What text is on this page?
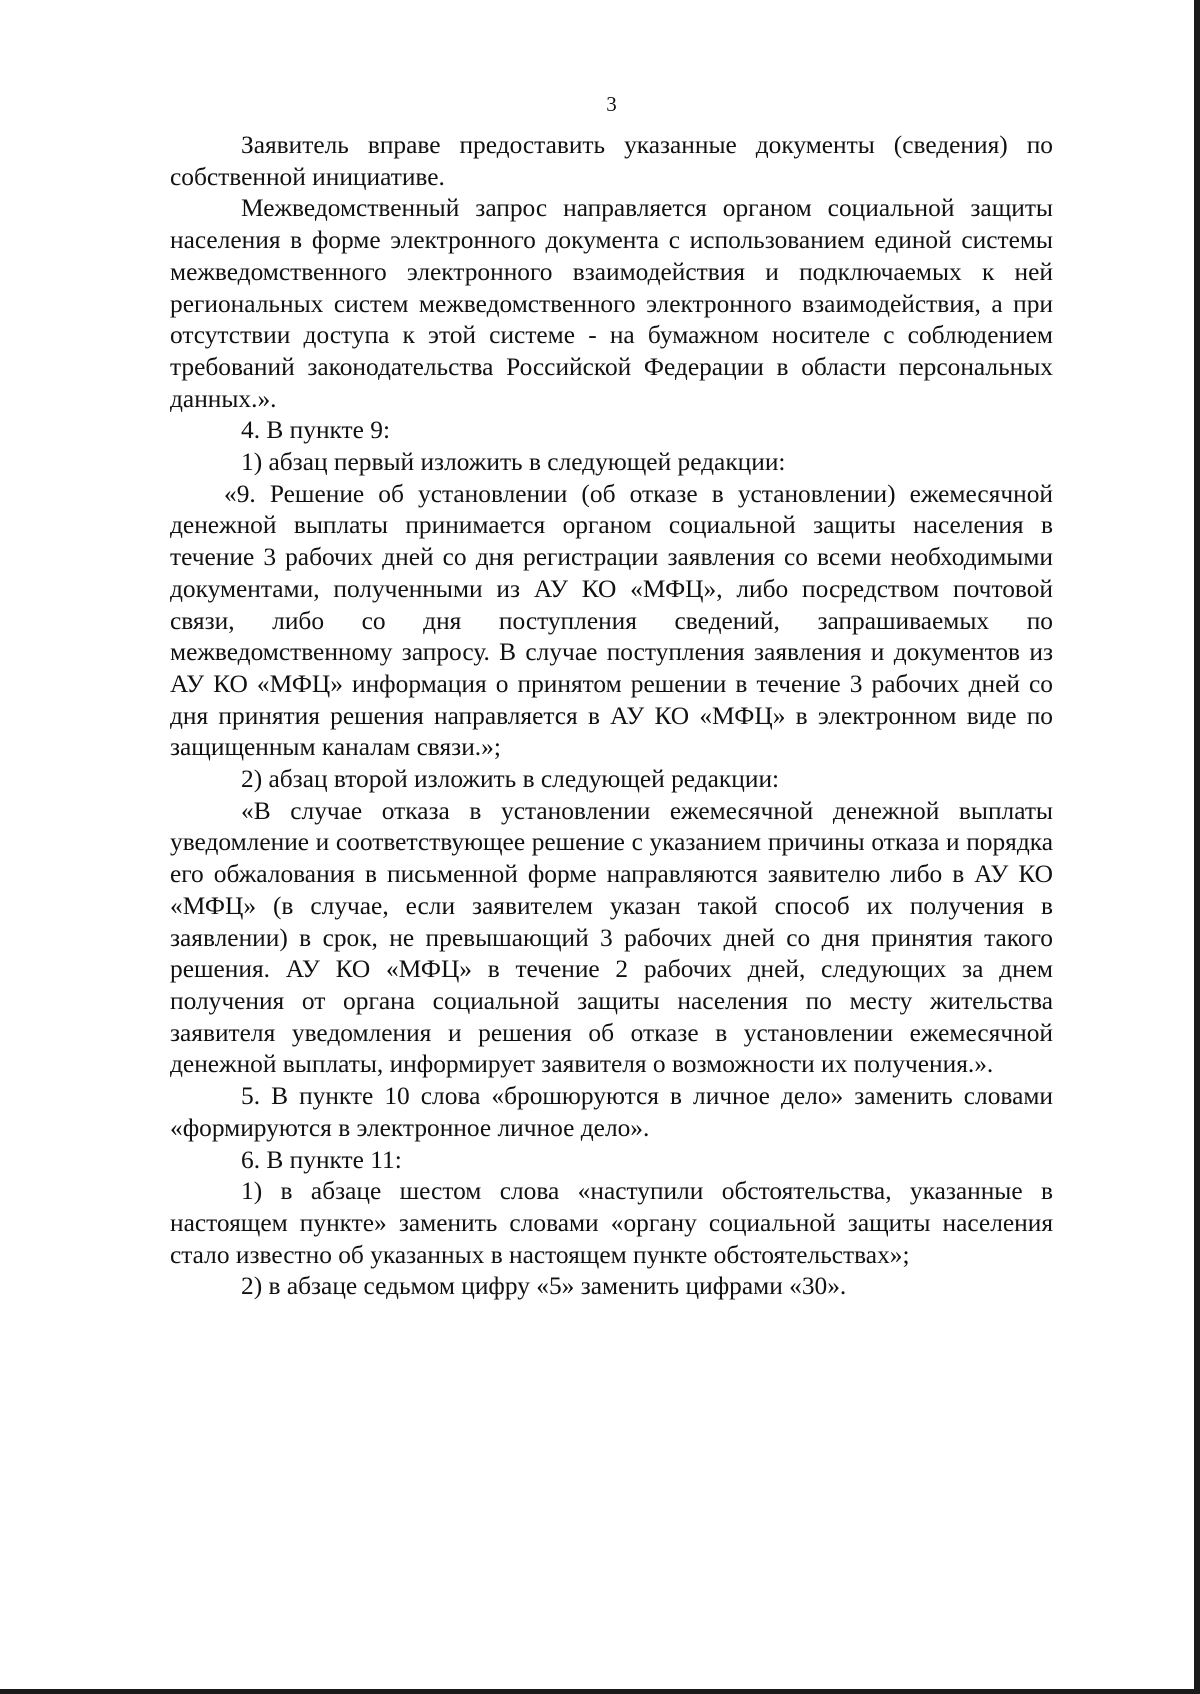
3

Заявитель вправе предоставить указанные документы (сведения) по собственной инициативе.

Межведомственный запрос направляется органом социальной защиты населения в форме электронного документа с использованием единой системы межведомственного электронного взаимодействия и подключаемых к ней региональных систем межведомственного электронного взаимодействия, а при отсутствии доступа к этой системе - на бумажном носителе с соблюдением требований законодательства Российской Федерации в области персональных данных.».

4. В пункте 9:

1) абзац первый изложить в следующей редакции:

«9. Решение об установлении (об отказе в установлении) ежемесячной денежной выплаты принимается органом социальной защиты населения в течение 3 рабочих дней со дня регистрации заявления со всеми необходимыми документами, полученными из АУ КО «МФЦ», либо посредством почтовой связи, либо со дня поступления сведений, запрашиваемых по межведомственному запросу. В случае поступления заявления и документов из АУ КО «МФЦ» информация о принятом решении в течение 3 рабочих дней со дня принятия решения направляется в АУ КО «МФЦ» в электронном виде по защищенным каналам связи.»;

2) абзац второй изложить в следующей редакции:

«В случае отказа в установлении ежемесячной денежной выплаты уведомление и соответствующее решение с указанием причины отказа и порядка его обжалования в письменной форме направляются заявителю либо в АУ КО «МФЦ» (в случае, если заявителем указан такой способ их получения в заявлении) в срок, не превышающий 3 рабочих дней со дня принятия такого решения. АУ КО «МФЦ» в течение 2 рабочих дней, следующих за днем получения от органа социальной защиты населения по месту жительства заявителя уведомления и решения об отказе в установлении ежемесячной денежной выплаты, информирует заявителя о возможности их получения.».

5. В пункте 10 слова «брошюруются в личное дело» заменить словами «формируются в электронное личное дело».

6. В пункте 11:

1) в абзаце шестом слова «наступили обстоятельства, указанные в настоящем пункте» заменить словами «органу социальной защиты населения стало известно об указанных в настоящем пункте обстоятельствах»;

2) в абзаце седьмом цифру «5» заменить цифрами «30».
